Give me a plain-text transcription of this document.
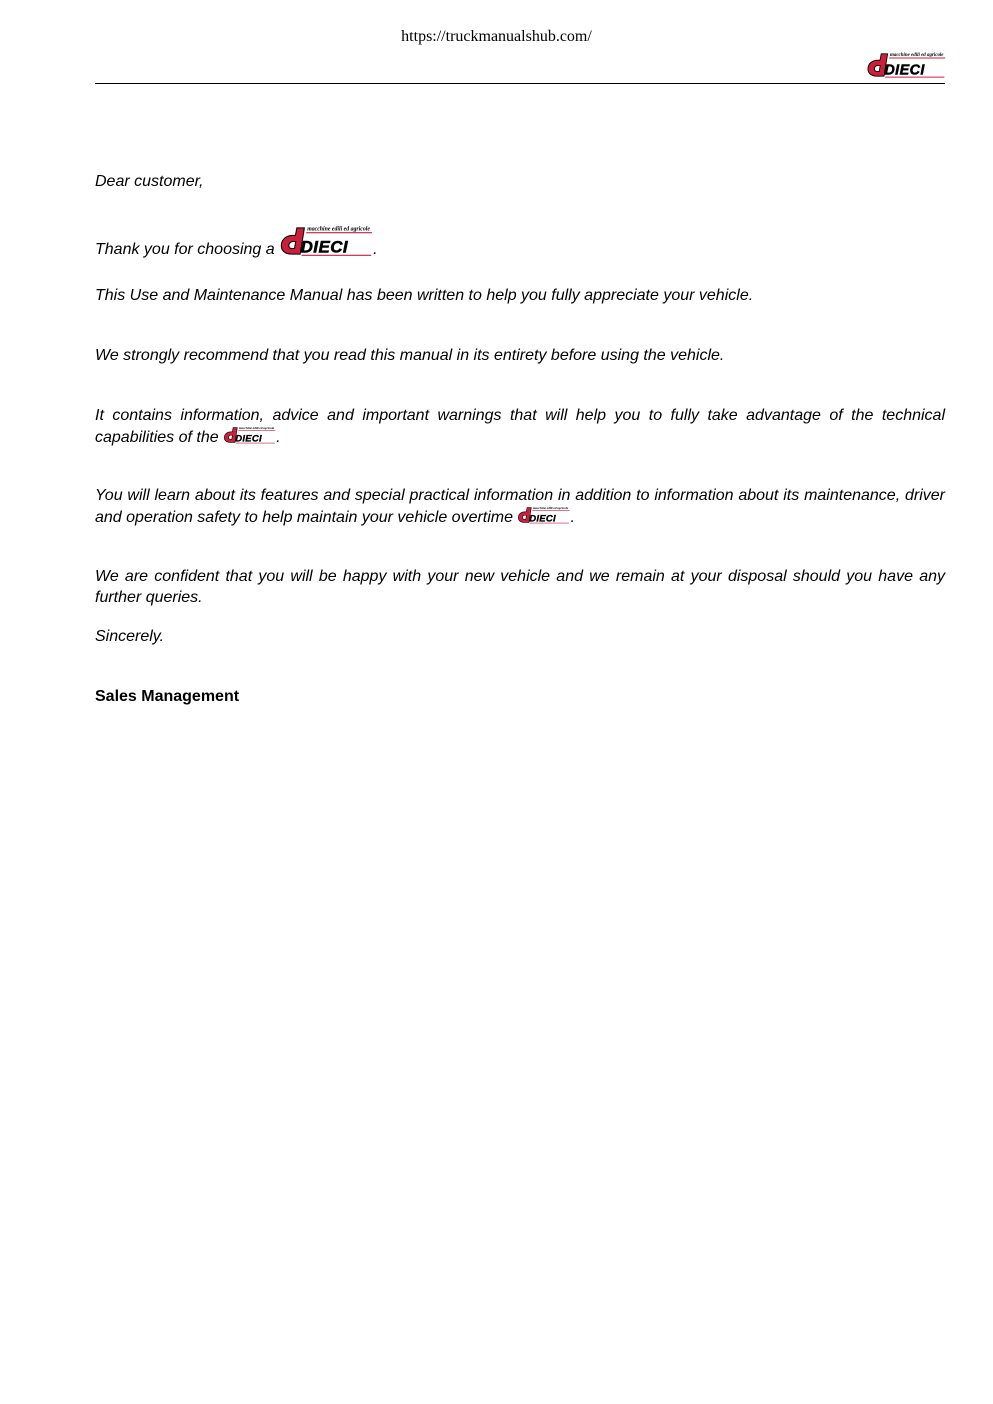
https://truckmanualshub.com/
Dear customer,
Thank you for choosing a	.
This Use and Maintenance Manual has been written to help you fully appreciate your vehicle.
We strongly recommend that you read this manual in its entirety before using the vehicle.
It contains information, advice and important warnings that will help you to fully take advantage of the technical capabilities of the	.
You will learn about its features and special practical information in addition to information about its maintenance, driver and operation safety to help maintain your vehicle overtime	.
We are confident that you will be happy with your new vehicle and we remain at your disposal should you have any further queries.
Sincerely.
Sales Management
